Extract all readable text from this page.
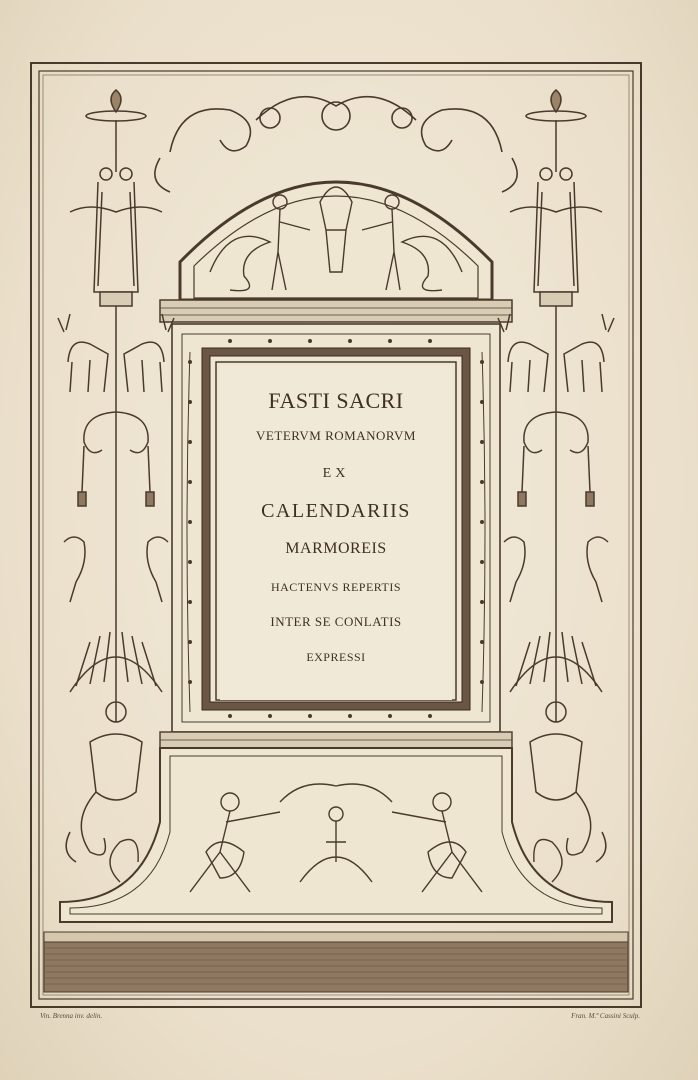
FASTI SACRI
VETERVM ROMANORVM
EX
CALENDARIIS
MARMOREIS
HACTENVS REPERTIS
INTER SE CONLATIS
EXPRESSI
Vin. Brenna inv. delin.	Fran. M.ª Cassini Sculp.
